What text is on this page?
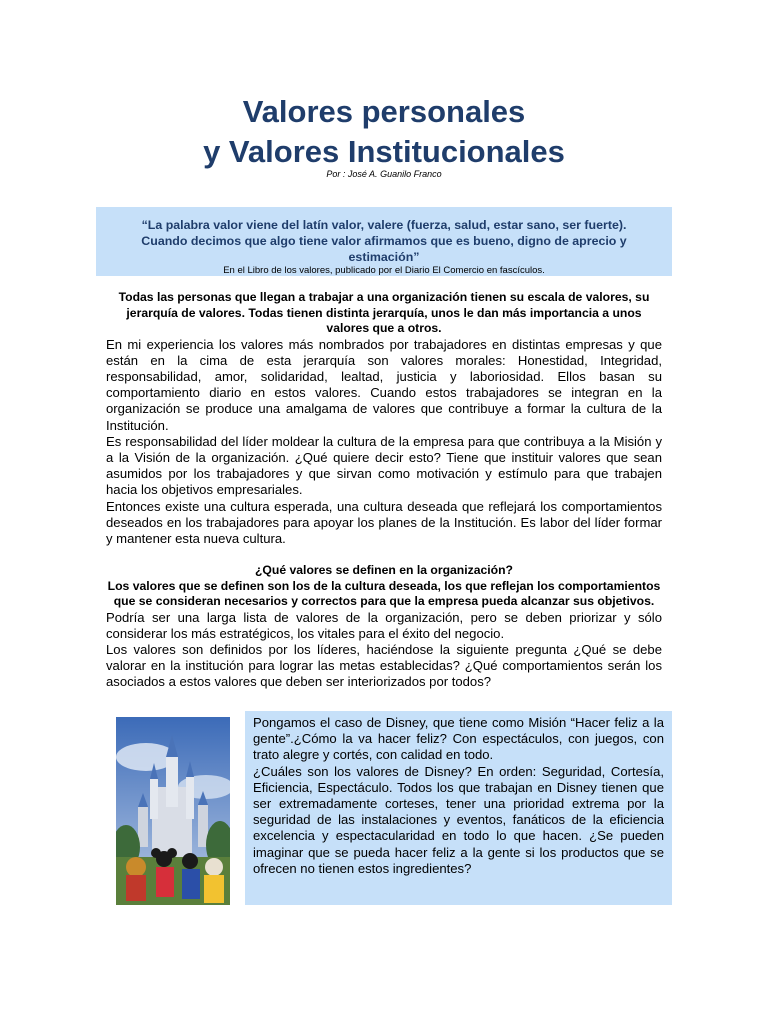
Valores personales
y Valores Institucionales
Por : José A. Guanilo Franco

“La palabra valor viene del latín valor, valere (fuerza, salud, estar sano, ser fuerte). Cuando decimos que algo tiene valor afirmamos que es bueno, digno de aprecio y estimación”

En el Libro de los valores, publicado por el Diario El Comercio en fascículos.

Todas las personas que llegan a trabajar a una organización tienen su escala de valores, su jerarquía de valores. Todas tienen distinta jerarquía, unos le dan más importancia a unos valores que a otros.

En mi experiencia los valores más nombrados por trabajadores en distintas empresas y que están en la cima de esta jerarquía son valores morales: Honestidad, Integridad, responsabilidad, amor, solidaridad, lealtad, justicia y laboriosidad. Ellos basan su comportamiento diario en estos valores. Cuando estos trabajadores se integran en la organización se produce una amalgama de valores que contribuye a formar la cultura de la Institución.

Es responsabilidad del líder moldear la cultura de la empresa para que contribuya a la Misión y a la Visión de la organización. ¿Qué quiere decir esto? Tiene que instituir valores que sean asumidos por los trabajadores y que sirvan como motivación y estímulo para que trabajen hacia los objetivos empresariales.

Entonces existe una cultura esperada, una cultura deseada que reflejará los comportamientos deseados en los trabajadores para apoyar los planes de la Institución. Es labor del líder formar y mantener esta nueva cultura.

¿Qué valores se definen en la organización?

Los valores que se definen son los de la cultura deseada, los que reflejan los comportamientos que se consideran necesarios y correctos para que la empresa pueda alcanzar sus objetivos.

Podría ser una larga lista de valores de la organización, pero se deben priorizar y sólo considerar los más estratégicos, los vitales para el éxito del negocio.

Los valores son definidos por los líderes, haciéndose la siguiente pregunta ¿Qué se debe valorar en la institución para lograr las metas establecidas? ¿Qué comportamientos serán los asociados a estos valores que deben ser interiorizados por todos?

Pongamos el caso de Disney, que tiene como Misión “Hacer feliz a la gente”.¿Cómo la va hacer feliz? Con espectáculos, con juegos, con trato alegre y cortés, con calidad en todo.

¿Cuáles son los valores de Disney? En orden: Seguridad, Cortesía, Eficiencia, Espectáculo. Todos los que trabajan en Disney tienen que ser extremadamente corteses, tener una prioridad extrema por la seguridad de las instalaciones y eventos, fanáticos de la eficiencia excelencia y espectacularidad en todo lo que hacen. ¿Se pueden imaginar que se pueda hacer feliz a la gente si los productos que se ofrecen no tienen estos ingredientes?
